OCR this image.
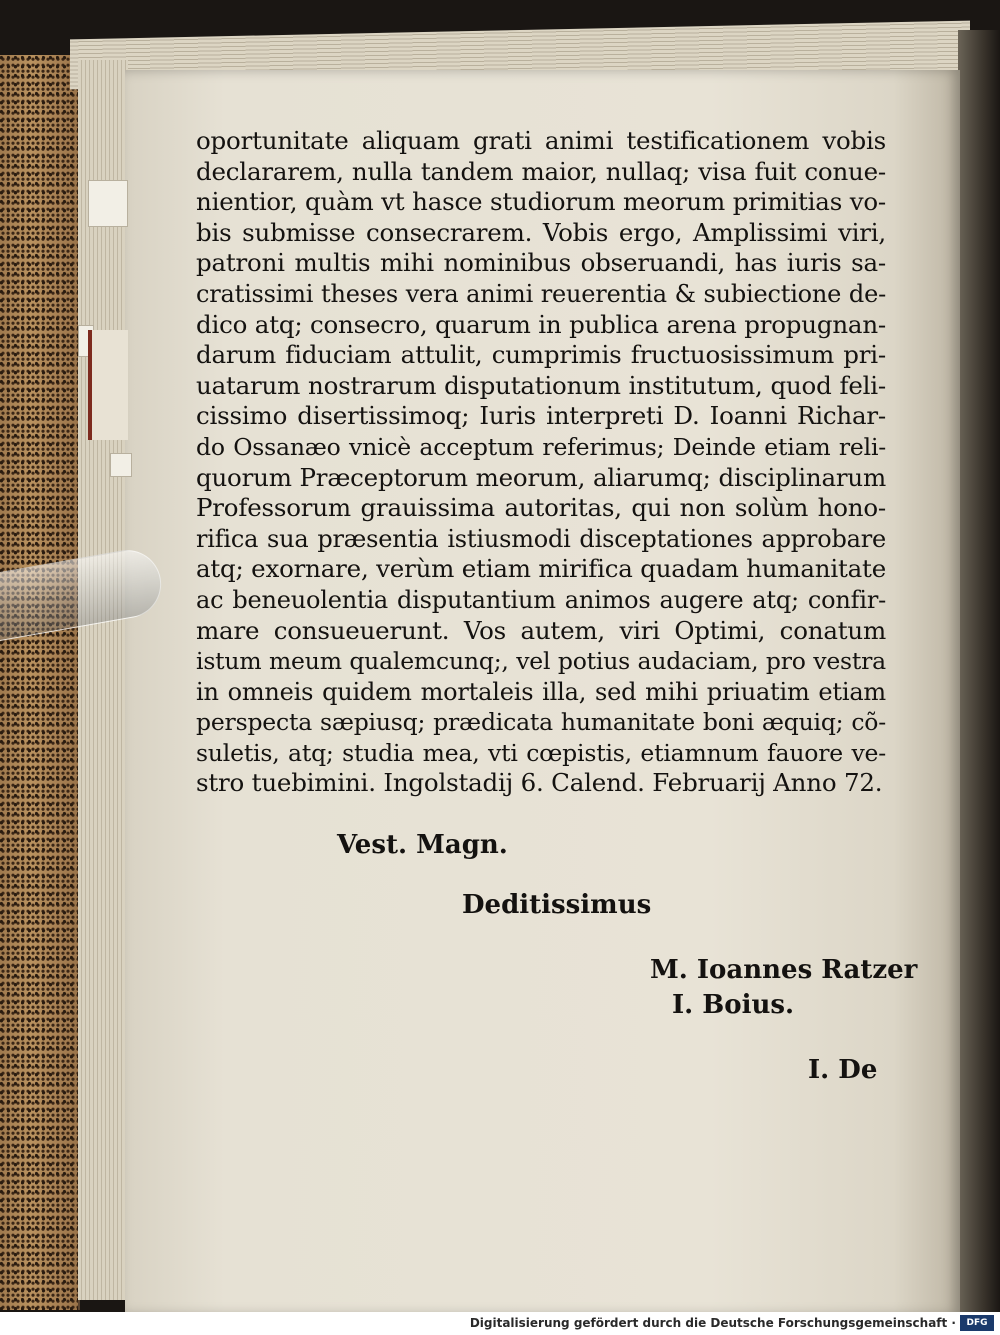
oportunitate aliquam grati animi testificationem vobis
declararem, nulla tandem maior, nullaq; visa fuit conue-
nientior, quàm vt hasce studiorum meorum primitias vo-
bis submisse consecrarem. Vobis ergo, Amplissimi viri,
patroni multis mihi nominibus obseruandi, has iuris sa-
cratissimi theses vera animi reuerentia & subiectione de-
dico atq; consecro, quarum in publica arena propugnan-
darum fiduciam attulit, cumprimis fructuosissimum pri-
uatarum nostrarum disputationum institutum, quod feli-
cissimo disertissimoq; Iuris interpreti D. Ioanni Richar-
do Ossanæo vnicè acceptum referimus; Deinde etiam reli-
quorum Præceptorum meorum, aliarumq; disciplinarum
Professorum grauissima autoritas, qui non solùm hono-
rifica sua præsentia istiusmodi disceptationes approbare
atq; exornare, verùm etiam mirifica quadam humanitate
ac beneuolentia disputantium animos augere atq; confir-
mare consueuerunt. Vos autem, viri Optimi, conatum
istum meum qualemcunq;, vel potius audaciam, pro vestra
in omneis quidem mortaleis illa, sed mihi priuatim etiam
perspecta sæpiusq; prædicata humanitate boni æquiq; cõ-
suletis, atq; studia mea, vti cœpistis, etiamnum fauore ve-
stro tuebimini. Ingolstadij 6. Calend. Februarij Anno 72.
Vest. Magn.
Deditissimus
M. Ioannes Ratzer
I. Boius.
I. De
Digitalisierung gefördert durch die Deutsche Forschungsgemeinschaft ·	DFG
